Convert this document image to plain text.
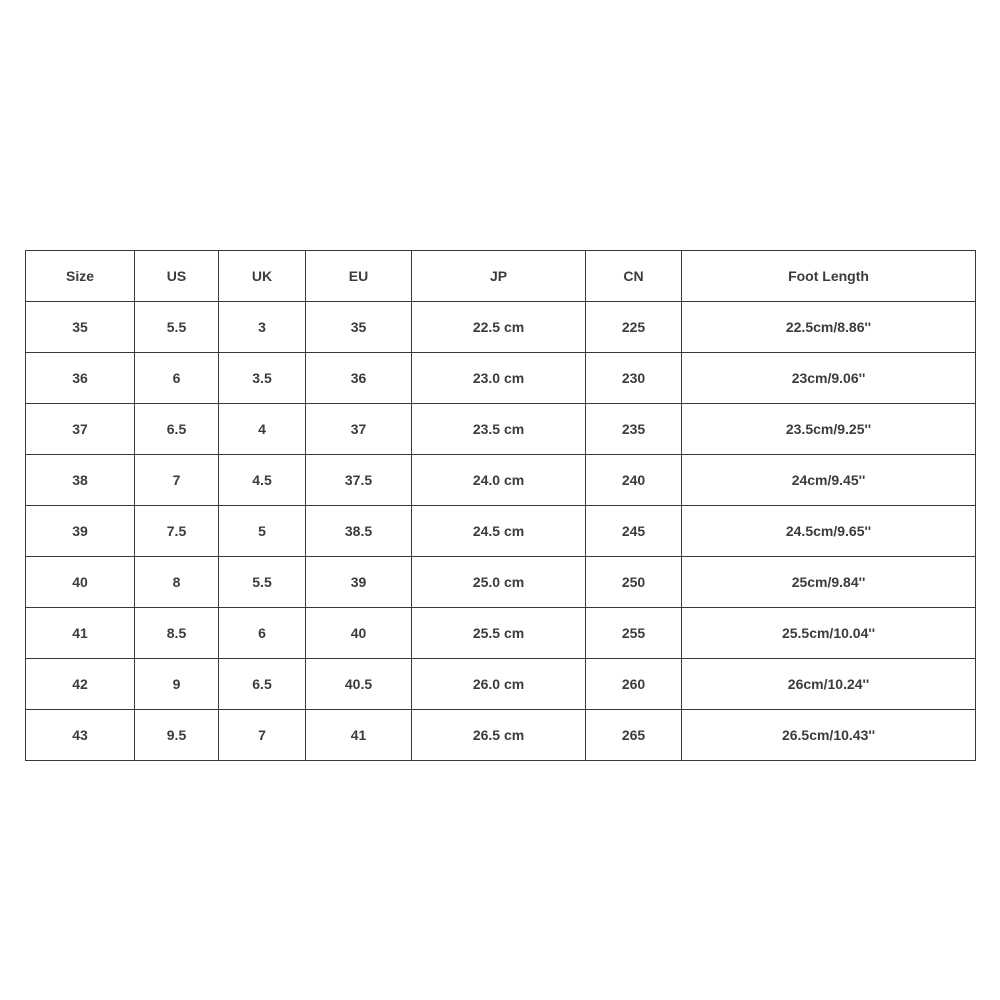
Size	US	UK	EU	JP	CN	Foot Length
35	5.5	3	35	22.5 cm	225	22.5cm/8.86''
36	6	3.5	36	23.0 cm	230	23cm/9.06''
37	6.5	4	37	23.5 cm	235	23.5cm/9.25''
38	7	4.5	37.5	24.0 cm	240	24cm/9.45''
39	7.5	5	38.5	24.5 cm	245	24.5cm/9.65''
40	8	5.5	39	25.0 cm	250	25cm/9.84''
41	8.5	6	40	25.5 cm	255	25.5cm/10.04''
42	9	6.5	40.5	26.0 cm	260	26cm/10.24''
43	9.5	7	41	26.5 cm	265	26.5cm/10.43''
